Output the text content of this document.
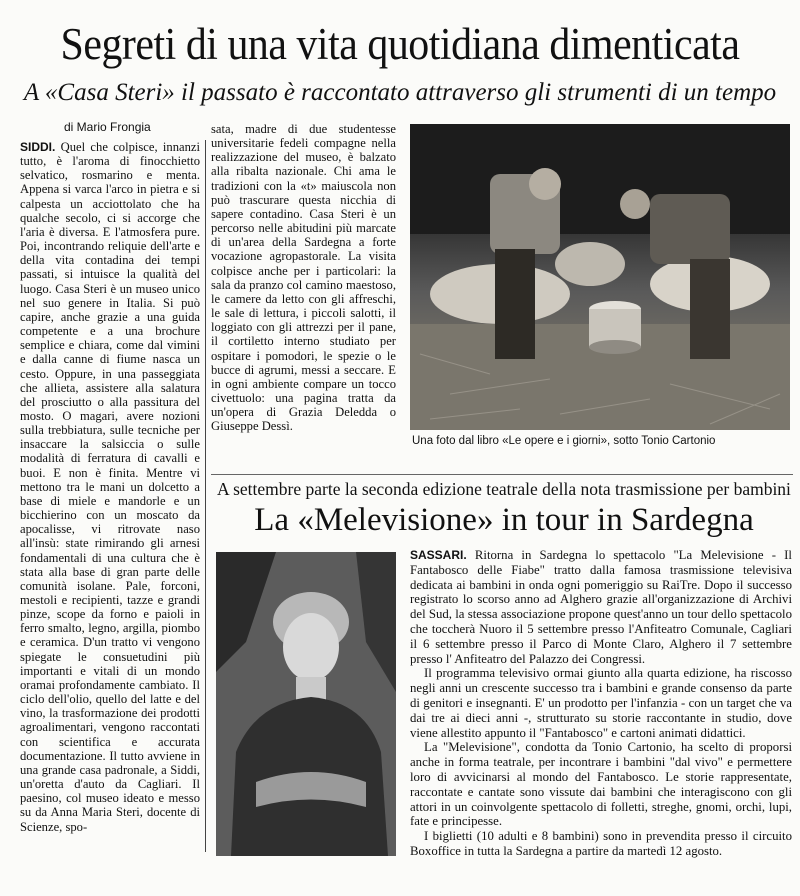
Segreti di una vita quotidiana dimenticata
A «Casa Steri» il passato è raccontato attraverso gli strumenti di un tempo
di Mario Frongia
SIDDI. Quel che colpisce, innanzi tutto, è l'aroma di finocchietto selvatico, rosmarino e menta. Appena si varca l'arco in pietra e si calpesta un acciottolato che ha qualche secolo, ci si accorge che l'aria è diversa. E l'atmosfera pure. Poi, incontrando reliquie dell'arte e della vita contadina dei tempi passati, si intuisce la qualità del luogo. Casa Steri è un museo unico nel suo genere in Italia. Si può capire, anche grazie a una guida competente e a una brochure semplice e chiara, come dal vimini e dalla canne di fiume nasca un cesto. Oppure, in una passeggiata che allieta, assistere alla salatura del prosciutto o alla passitura del mosto. O magari, avere nozioni sulla trebbiatura, sulle tecniche per insaccare la salsiccia o sulle modalità di ferratura di cavalli e buoi. E non è finita. Mentre vi mettono tra le mani un dolcetto a base di miele e mandorle e un bicchierino con un moscato da apocalisse, vi ritrovate naso all'insù: state rimirando gli arnesi fondamentali di una cultura che è stata alla base di gran parte delle comunità isolane. Pale, forconi, mestoli e recipienti, tazze e grandi pinze, scope da forno e paioli in ferro smalto, legno, argilla, piombo e ceramica. D'un tratto vi vengono spiegate le consuetudini più importanti e vitali di un mondo oramai profondamente cambiato. Il ciclo dell'olio, quello del latte e del vino, la trasformazione dei prodotti agroalimentari, vengono raccontati con scientifica e accurata documentazione. Il tutto avviene in una grande casa padronale, a Siddi, un'oretta d'auto da Cagliari. Il paesino, col museo ideato e messo su da Anna Maria Steri, docente di Scienze, spo-
sata, madre di due studentesse universitarie fedeli compagne nella realizzazione del museo, è balzato alla ribalta nazionale. Chi ama le tradizioni con la «t» maiuscola non può trascurare questa nicchia di sapere contadino. Casa Steri è un percorso nelle abitudini più marcate di un'area della Sardegna a forte vocazione agropastorale. La visita colpisce anche per i particolari: la sala da pranzo col camino maestoso, le camere da letto con gli affreschi, le sale di lettura, i piccoli salotti, il loggiato con gli attrezzi per il pane, il cortiletto interno studiato per ospitare i pomodori, le spezie o le bucce di agrumi, messi a seccare. E in ogni ambiente compare un tocco civettuolo: una pagina tratta da un'opera di Grazia Deledda o Giuseppe Dessì.
Una foto dal libro «Le opere e i giorni», sotto Tonio Cartonio
A settembre parte la seconda edizione teatrale della nota trasmissione per bambini
La «Melevisione» in tour in Sardegna

SASSARI. Ritorna in Sardegna lo spettacolo "La Melevisione - Il Fantabosco delle Fiabe" tratto dalla famosa trasmissione televisiva dedicata ai bambini in onda ogni pomeriggio su RaiTre. Dopo il successo registrato lo scorso anno ad Alghero grazie all'organizzazione di Archivi del Sud, la stessa associazione propone quest'anno un tour dello spettacolo che toccherà Nuoro il 5 settembre presso l'Anfiteatro Comunale, Cagliari il 6 settembre presso il Parco di Monte Claro, Alghero il 7 settembre presso l' Anfiteatro del Palazzo dei Congressi.

Il programma televisivo ormai giunto alla quarta edizione, ha riscosso negli anni un crescente successo tra i bambini e grande consenso da parte di genitori e insegnanti. E' un prodotto per l'infanzia - con un target che va dai tre ai dieci anni -, strutturato su storie raccontante in studio, dove viene allestito appunto il "Fantabosco" e cartoni animati didattici.

La "Melevisione", condotta da Tonio Cartonio, ha scelto di proporsi anche in forma teatrale, per incontrare i bambini "dal vivo" e permettere loro di avvicinarsi al mondo del Fantabosco. Le storie rappresentate, raccontate e cantate sono vissute dai bambini che interagiscono con gli attori in un coinvolgente spettacolo di folletti, streghe, gnomi, orchi, lupi, fate e principesse.

I biglietti (10 adulti e 8 bambini) sono in prevendita presso il circuito Boxoffice in tutta la Sardegna a partire da martedì 12 agosto.
